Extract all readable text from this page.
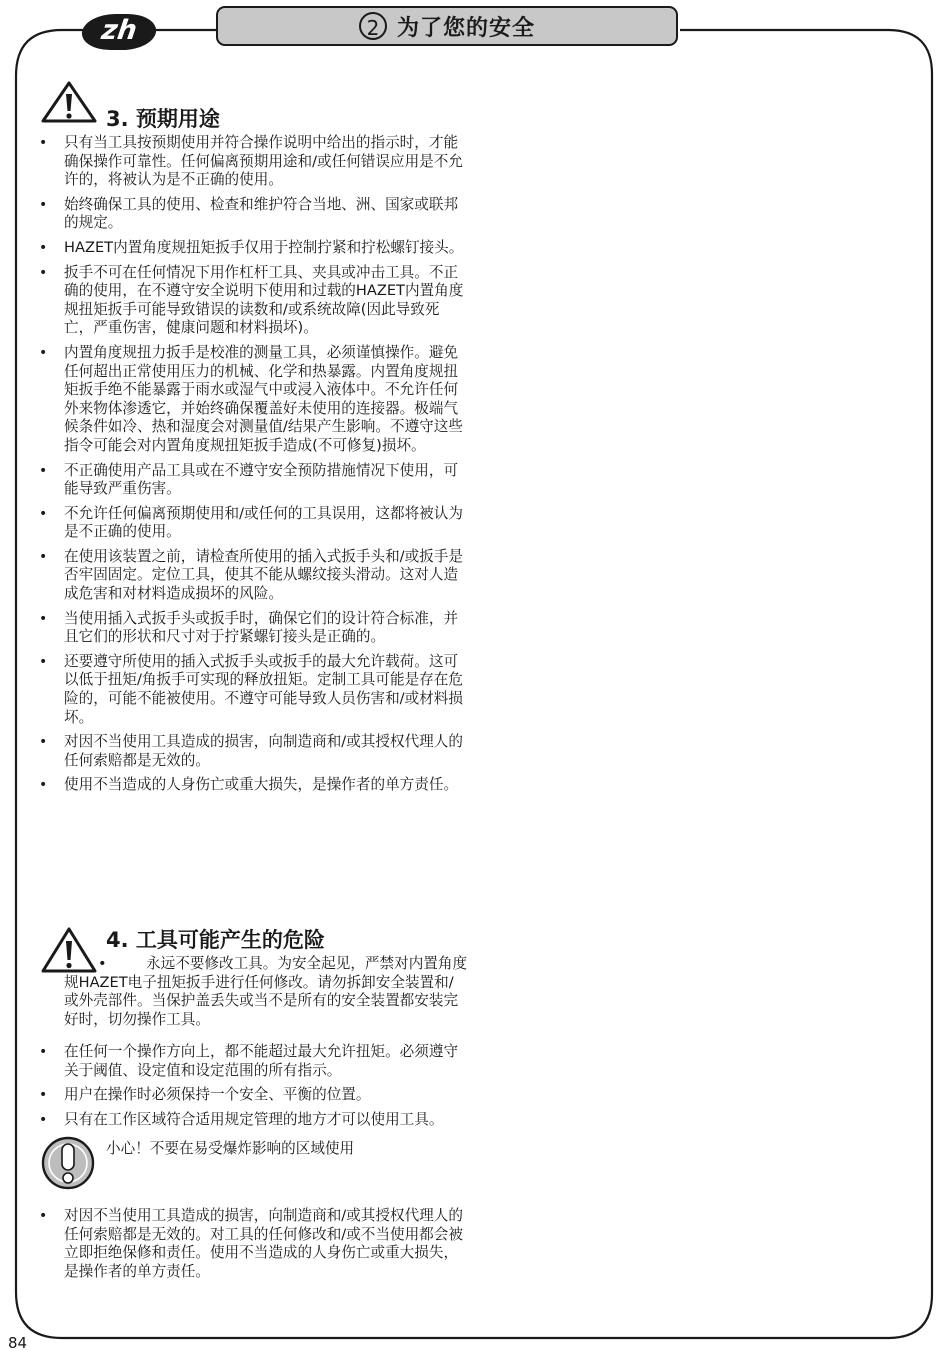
zh	2 为了您的安全
3. 预期用途
• 只有当工具按预期使用并符合操作说明中给出的指示时，才能确保操作可靠性。任何偏离预期用途和/或任何错误应用是不允许的，将被认为是不正确的使用。

• 始终确保工具的使用、检查和维护符合当地、洲、国家或联邦的规定。

• HAZET内置角度规扭矩扳手仅用于控制拧紧和拧松螺钉接头。

• 扳手不可在任何情况下用作杠杆工具、夹具或冲击工具。不正确的使用，在不遵守安全说明下使用和过载的HAZET内置角度规扭矩扳手可能导致错误的读数和/或系统故障(因此导致死亡，严重伤害，健康问题和材料损坏)。

• 内置角度规扭力扳手是校准的测量工具，必须谨慎操作。避免任何超出正常使用压力的机械、化学和热暴露。内置角度规扭矩扳手绝不能暴露于雨水或湿气中或浸入液体中。不允许任何外来物体渗透它，并始终确保覆盖好未使用的连接器。极端气候条件如冷、热和湿度会对测量值/结果产生影响。不遵守这些指令可能会对内置角度规扭矩扳手造成(不可修复)损坏。

• 不正确使用产品工具或在不遵守安全预防措施情况下使用，可能导致严重伤害。

• 不允许任何偏离预期使用和/或任何的工具误用，这都将被认为是不正确的使用。

• 在使用该装置之前，请检查所使用的插入式扳手头和/或扳手是否牢固固定。定位工具，使其不能从螺纹接头滑动。这对人造成危害和对材料造成损坏的风险。

• 当使用插入式扳手头或扳手时，确保它们的设计符合标准，并且它们的形状和尺寸对于拧紧螺钉接头是正确的。

• 还要遵守所使用的插入式扳手头或扳手的最大允许载荷。这可以低于扭矩/角扳手可实现的释放扭矩。定制工具可能是存在危险的，可能不能被使用。不遵守可能导致人员伤害和/或材料损坏。

• 对因不当使用工具造成的损害，向制造商和/或其授权代理人的任何索赔都是无效的。

• 使用不当造成的人身伤亡或重大损失，是操作者的单方责任。

4. 工具可能产生的危险

•	永远不要修改工具。为安全起见，严禁对内置角度规HAZET电子扭矩扳手进行任何修改。请勿拆卸安全装置和/或外壳部件。当保护盖丢失或当不是所有的安全装置都安装完好时，切勿操作工具。

• 在任何一个操作方向上，都不能超过最大允许扭矩。必须遵守关于阈值、设定值和设定范围的所有指示。

• 用户在操作时必须保持一个安全、平衡的位置。

• 只有在工作区域符合适用规定管理的地方才可以使用工具。

小心！不要在易受爆炸影响的区域使用
• 对因不当使用工具造成的损害，向制造商和/或其授权代理人的任何索赔都是无效的。对工具的任何修改和/或不当使用都会被立即拒绝保修和责任。使用不当造成的人身伤亡或重大损失，是操作者的单方责任。

84
